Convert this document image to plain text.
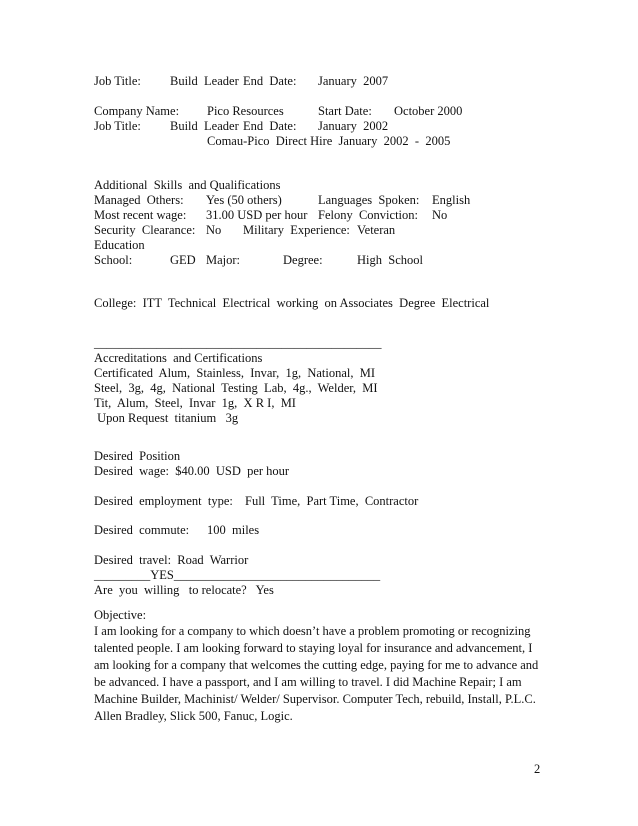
Job Title: Build  Leader End  Date: January  2007
Company Name: Pico Resources	Start Date: October 2000
Job Title: Build  Leader End  Date: January  2002
Comau-Pico  Direct Hire  January  2002  -  2005
Additional  Skills  and Qualifications
Managed  Others: Yes (50 others)	Languages  Spoken: English
Most recent wage: 31.00 USD per hour Felony  Conviction: No
Security  Clearance: No Military  Experience: Veteran
Education
School:	GED Major:	Degree:	High  School
College:  ITT  Technical  Electrical  working  on Associates  Degree  Electrical
______________________________________________
Accreditations  and Certifications
Certificated  Alum,  Stainless,  Invar,  1g,  National,  MI
Steel,  3g,  4g,  National  Testing  Lab,  4g.,  Welder,  MI
Tit,  Alum,  Steel,  Invar  1g,  X R I,  MI
Upon Request  titanium   3g
Desired  Position
Desired  wage:  $40.00  USD  per hour
Desired  employment  type: Full  Time,  Part Time,  Contractor
Desired  commute: 100  miles
Desired  travel:  Road  Warrior
_________YES_________________________________
Are  you  willing   to relocate?   Yes
Objective:
I am looking for a company to which doesn’t have a problem promoting or recognizing talented people. I am looking forward to staying loyal for insurance and advancement, I am looking for a company that welcomes the cutting edge, paying for me to advance and be advanced. I have a passport, and I am willing to travel. I did Machine Repair; I am Machine Builder, Machinist/ Welder/ Supervisor. Computer Tech, rebuild, Install, P.L.C. Allen Bradley, Slick 500, Fanuc, Logic.
2
